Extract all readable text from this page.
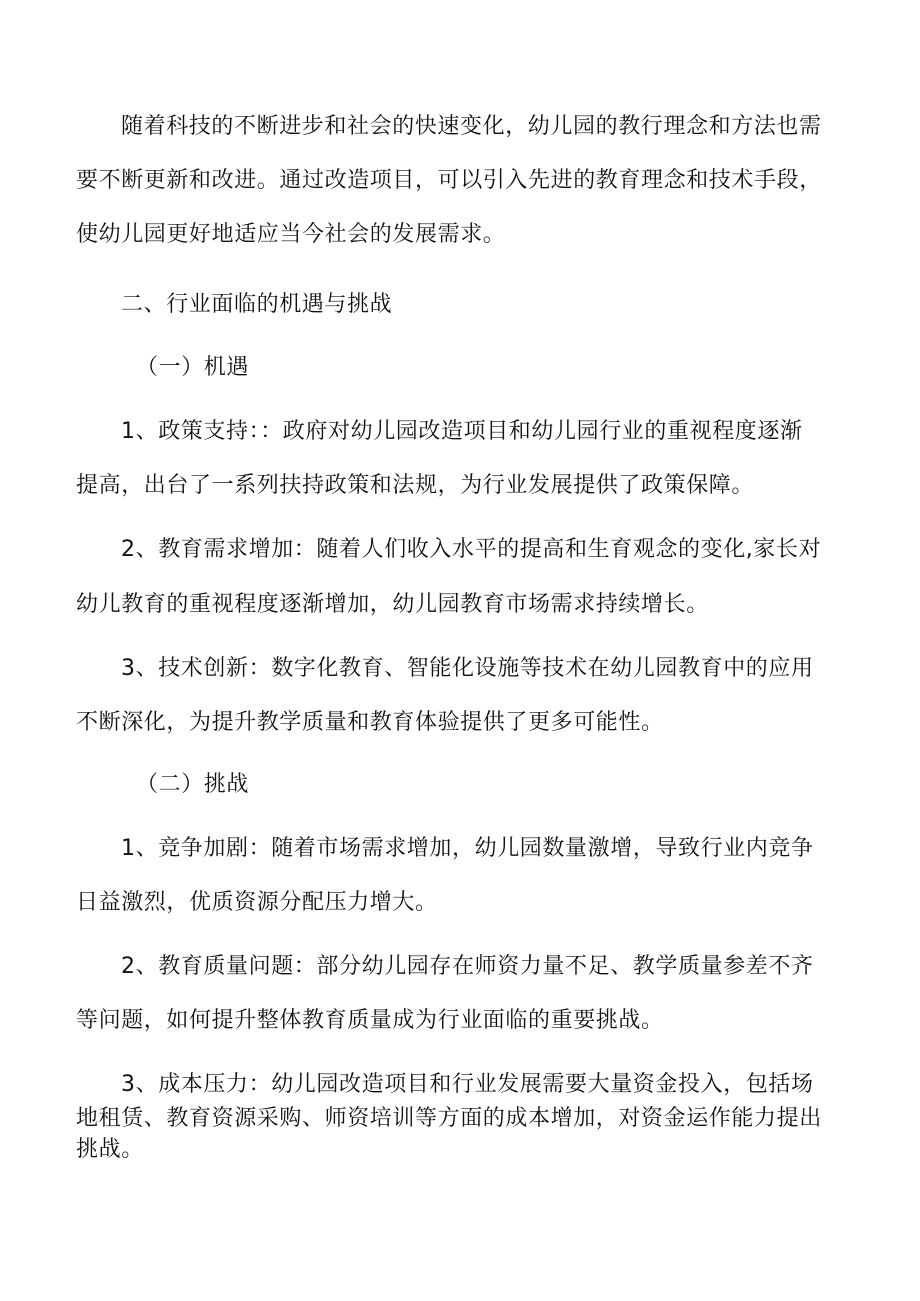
随着科技的不断进步和社会的快速变化，幼儿园的教行理念和方法也需
要不断更新和改进。通过改造项目，可以引入先进的教育理念和技术手段，
使幼儿园更好地适应当今社会的发展需求。
二、行业面临的机遇与挑战
（一）机遇
1、政策支持：：政府对幼儿园改造项目和幼儿园行业的重视程度逐渐
提高，出台了一系列扶持政策和法规，为行业发展提供了政策保障。
2、教育需求增加：随着人们收入水平的提高和生育观念的变化,家长对
幼儿教育的重视程度逐渐增加，幼儿园教育市场需求持续增长。
3、技术创新：数字化教育、智能化设施等技术在幼儿园教育中的应用
不断深化，为提升教学质量和教育体验提供了更多可能性。
（二）挑战
1、竞争加剧：随着市场需求增加，幼儿园数量激增，导致行业内竞争
日益激烈，优质资源分配压力增大。
2、教育质量问题：部分幼儿园存在师资力量不足、教学质量参差不齐
等问题，如何提升整体教育质量成为行业面临的重要挑战。
3、成本压力：幼儿园改造项目和行业发展需要大量资金投入，包括场
地租赁、教育资源采购、师资培训等方面的成本增加，对资金运作能力提出
挑战。
